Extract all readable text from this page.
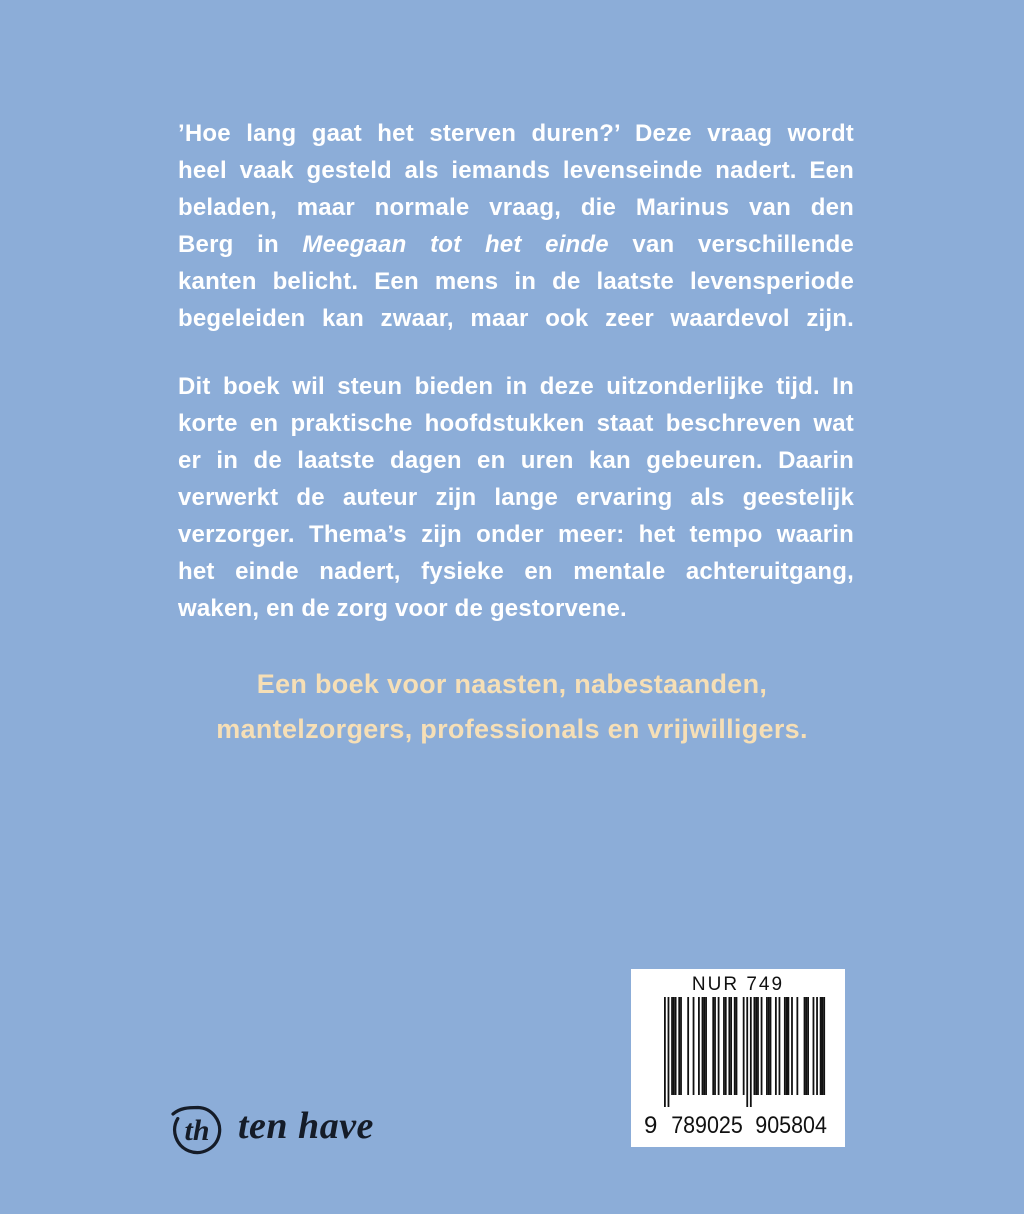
’Hoe lang gaat het sterven duren?’ Deze vraag wordt
heel vaak gesteld als iemands levenseinde nadert. Een
beladen, maar normale vraag, die Marinus van den
Berg in Meegaan tot het einde van verschillende
kanten belicht. Een mens in de laatste levensperiode
begeleiden kan zwaar, maar ook zeer waardevol zijn.
Dit boek wil steun bieden in deze uitzonderlijke tijd. In
korte en praktische hoofdstukken staat beschreven wat
er in de laatste dagen en uren kan gebeuren. Daarin
verwerkt de auteur zijn lange ervaring als geestelijk
verzorger. Thema’s zijn onder meer: het tempo waarin
het einde nadert, fysieke en mentale achteruitgang,
waken, en de zorg voor de gestorvene.
Een boek voor naasten, nabestaanden,
mantelzorgers, professionals en vrijwilligers.
NUR 749
9 789025 905804
th ten have
